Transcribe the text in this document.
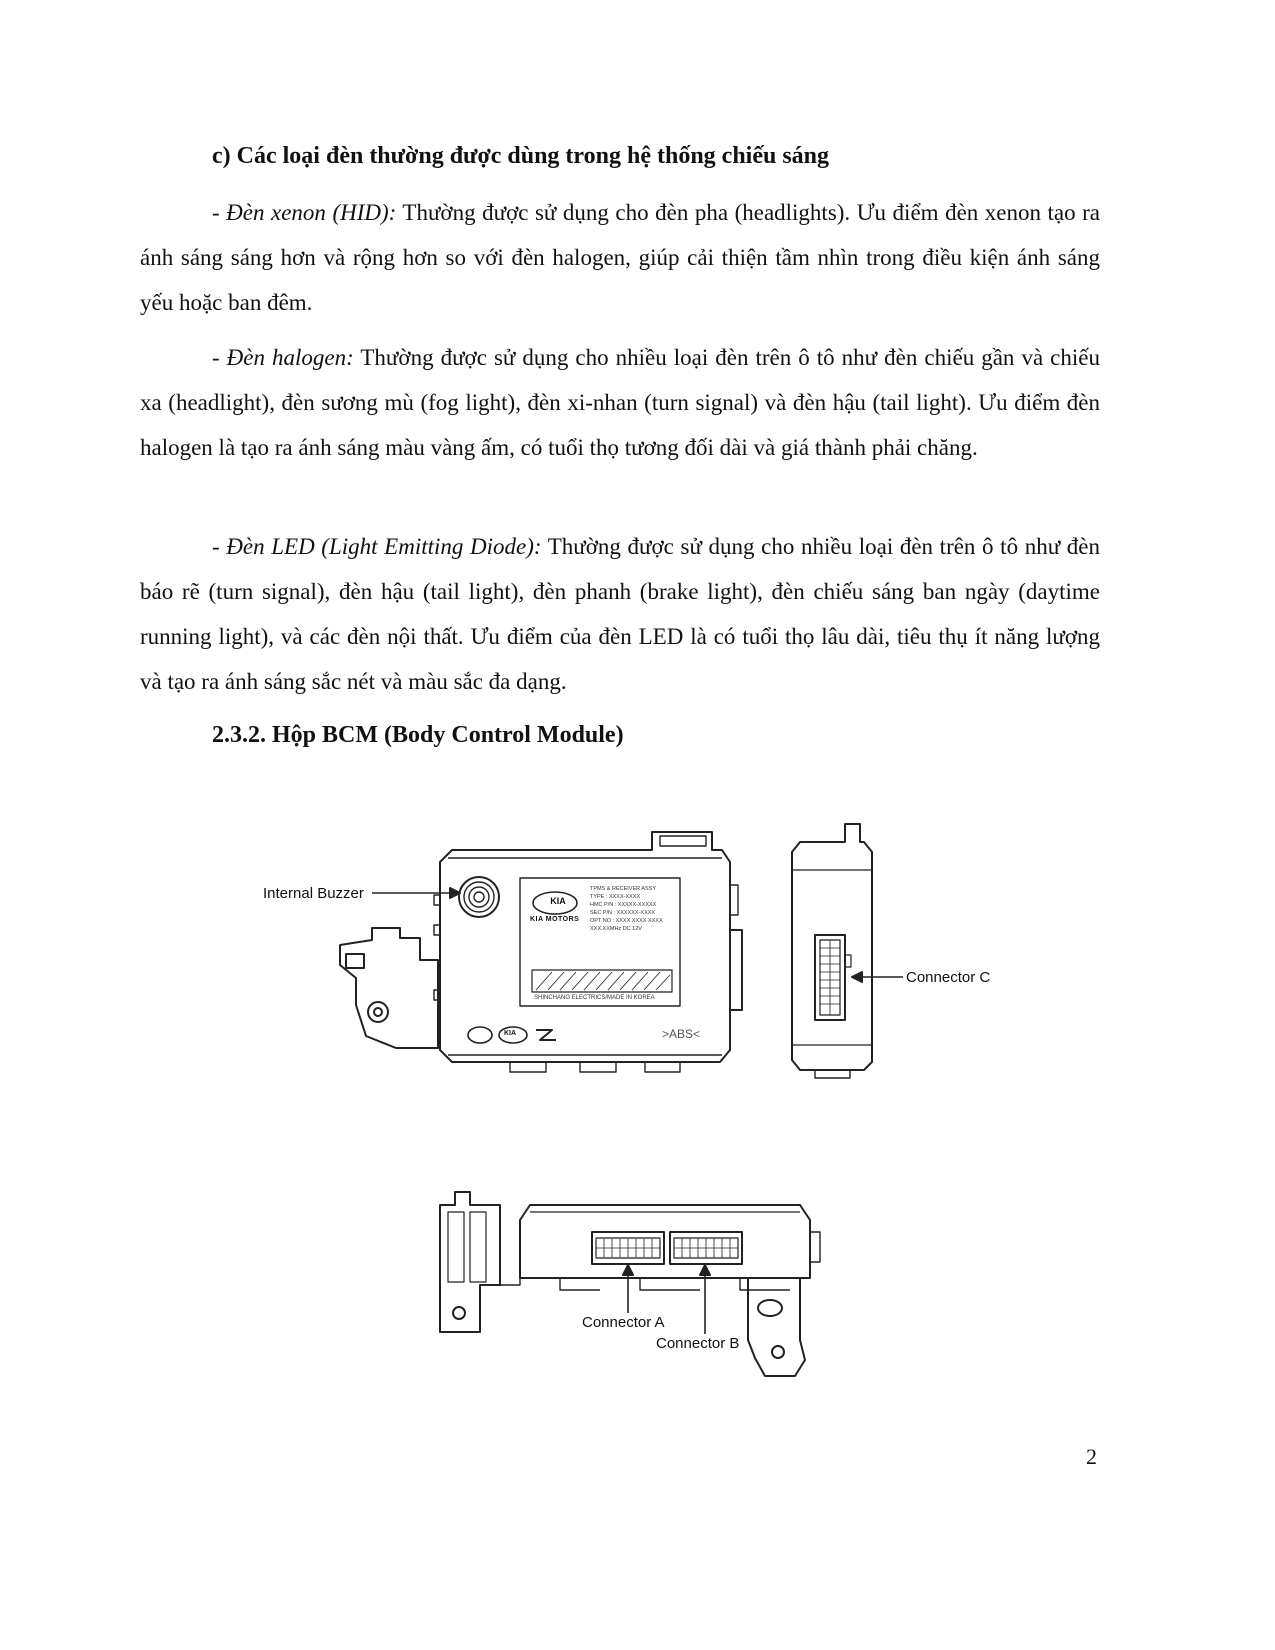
c) Các loại đèn thường được dùng trong hệ thống chiếu sáng

- Đèn xenon (HID): Thường được sử dụng cho đèn pha (headlights). Ưu điểm đèn xenon tạo ra ánh sáng sáng hơn và rộng hơn so với đèn halogen, giúp cải thiện tầm nhìn trong điều kiện ánh sáng yếu hoặc ban đêm.

- Đèn halogen: Thường được sử dụng cho nhiều loại đèn trên ô tô như đèn chiếu gần và chiếu xa (headlight), đèn sương mù (fog light), đèn xi-nhan (turn signal) và đèn hậu (tail light). Ưu điểm đèn halogen là tạo ra ánh sáng màu vàng ấm, có tuổi thọ tương đối dài và giá thành phải chăng.

- Đèn LED (Light Emitting Diode): Thường được sử dụng cho nhiều loại đèn trên ô tô như đèn báo rẽ (turn signal), đèn hậu (tail light), đèn phanh (brake light), đèn chiếu sáng ban ngày (daytime running light), và các đèn nội thất. Ưu điểm của đèn LED là có tuổi thọ lâu dài, tiêu thụ ít năng lượng và tạo ra ánh sáng sắc nét và màu sắc đa dạng.

2.3.2. Hộp BCM (Body Control Module)
KIA
KIA MOTORS
TPMS & RECEIVER ASSY
TYPE : XXXX-XXXX
HMC P/N : XXXXX-XXXXX
SEC P/N : XXXXXX-XXXX
OPT NO : XXXX XXXX XXXX
XXX.XXMHz DC 12V
SHINCHANG ELECTRICS/MADE IN KOREA
>ABS<
KIA
Internal Buzzer
Connector C
Connector A
Connector B
2
